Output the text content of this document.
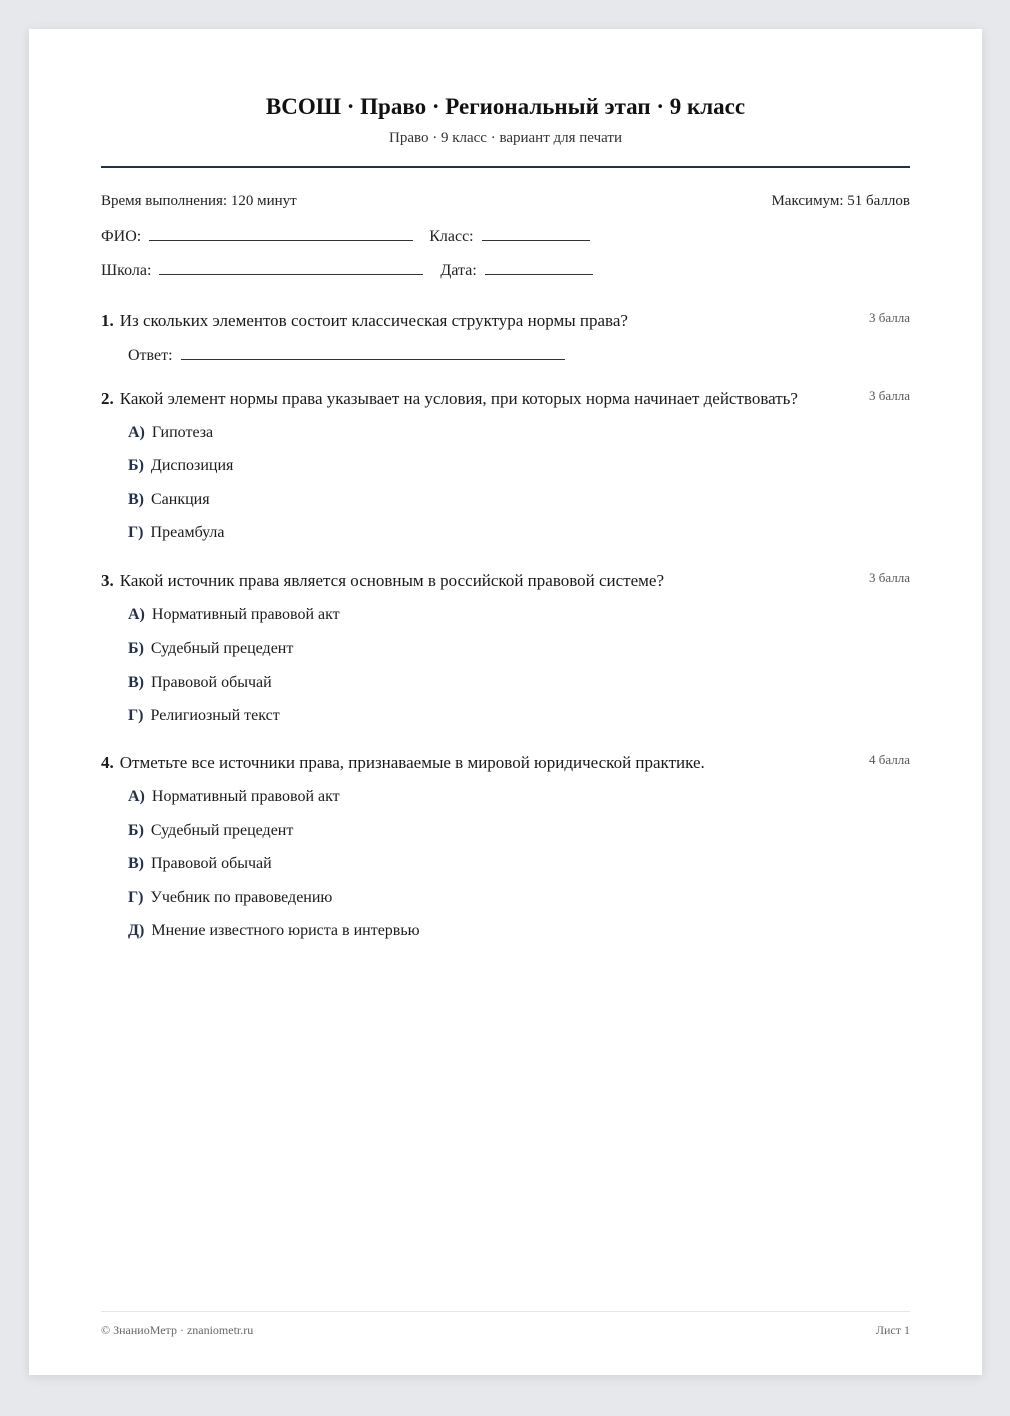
ВСОШ · Право · Региональный этап · 9 класс
Право · 9 класс · вариант для печати
Время выполнения: 120 минут	Максимум: 51 баллов
ФИО:	Класс:
Школа:	Дата:
1. Из скольких элементов состоит классическая структура нормы права?	3 балла
Ответ:
2. Какой элемент нормы права указывает на условия, при которых норма начинает действовать?	3 балла
А) Гипотеза
Б) Диспозиция
В) Санкция
Г) Преамбула
3. Какой источник права является основным в российской правовой системе?	3 балла
А) Нормативный правовой акт
Б) Судебный прецедент
В) Правовой обычай
Г) Религиозный текст
4. Отметьте все источники права, признаваемые в мировой юридической практике.	4 балла
А) Нормативный правовой акт
Б) Судебный прецедент
В) Правовой обычай
Г) Учебник по правоведению
Д) Мнение известного юриста в интервью
© ЗнаниоМетр · znaniometr.ru	Лист 1
